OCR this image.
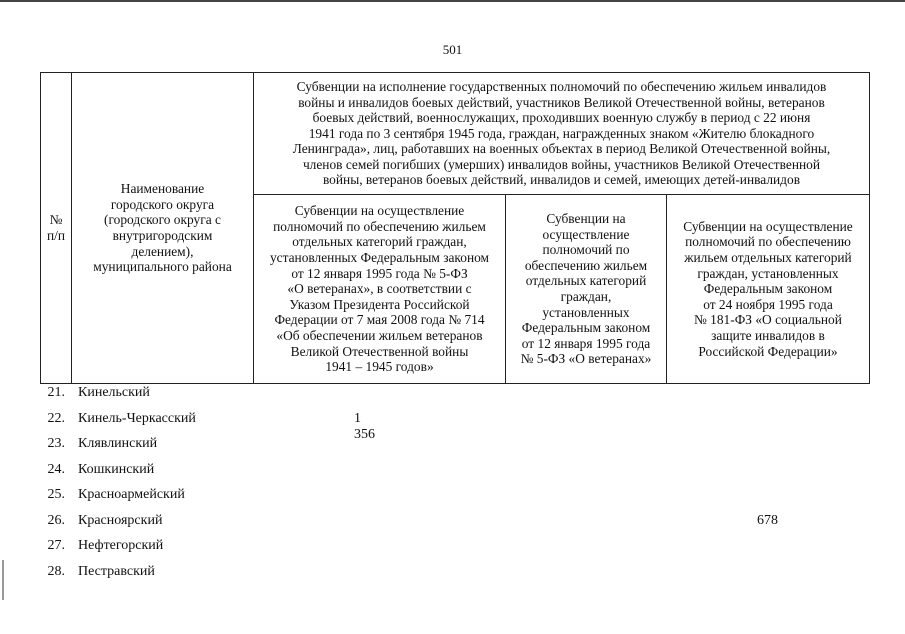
501
№
п/п
Наименование
городского округа
(городского округа с
внутригородским
делением),
муниципального района
Субвенции на исполнение государственных полномочий по обеспечению жильем инвалидов
войны и инвалидов боевых действий, участников Великой Отечественной войны, ветеранов
боевых действий, военнослужащих, проходивших военную службу в период с 22 июня
1941 года по 3 сентября 1945 года, граждан, награжденных знаком «Жителю блокадного
Ленинграда», лиц, работавших на военных объектах в период Великой Отечественной войны,
членов семей погибших (умерших) инвалидов войны, участников Великой Отечественной
войны, ветеранов боевых действий, инвалидов и семей, имеющих детей-инвалидов
Субвенции на осуществление
полномочий по обеспечению жильем
отдельных категорий граждан,
установленных Федеральным законом
от 12 января 1995 года № 5-ФЗ
«О ветеранах», в соответствии с
Указом Президента Российской
Федерации от 7 мая 2008 года № 714
«Об обеспечении жильем ветеранов
Великой Отечественной войны
1941 – 1945 годов»
Субвенции на
осуществление
полномочий по
обеспечению жильем
отдельных категорий
граждан,
установленных
Федеральным законом
от 12 января 1995 года
№ 5-ФЗ «О ветеранах»
Субвенции на осуществление
полномочий по обеспечению
жильем отдельных категорий
граждан, установленных
Федеральным законом
от 24 ноября 1995 года
№ 181-ФЗ «О социальной
защите инвалидов в
Российской Федерации»
21. Кинельский
22. Кинель-Черкасский	1 356
23. Клявлинский
24. Кошкинский
25. Красноармейский
26. Красноярский	678
27. Нефтегорский
28. Пестравский
